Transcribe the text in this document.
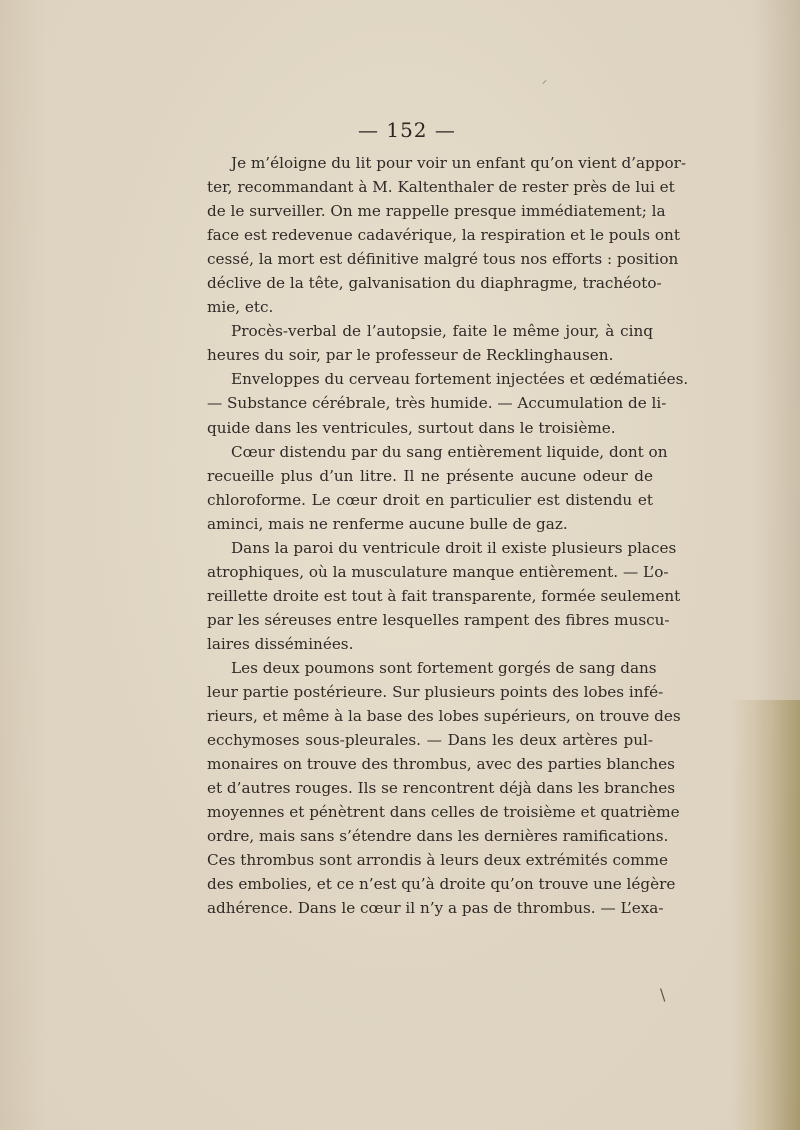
⸝
\
— 152 —
Je m’éloigne du lit pour voir un enfant qu’on vient d’appor-
ter, recommandant à M. Kaltenthaler de rester près de lui et
de le surveiller. On me rappelle presque immédiatement; la
face est redevenue cadavérique, la respiration et le pouls ont
cessé, la mort est définitive malgré tous nos efforts : position
déclive de la tête, galvanisation du diaphragme, trachéoto-
mie, etc.
Procès-verbal de l’autopsie, faite le même jour, à cinq
heures du soir, par le professeur de Recklinghausen.
Enveloppes du cerveau fortement injectées et œdématiées.
— Substance cérébrale, très humide. — Accumulation de li-
quide dans les ventricules, surtout dans le troisième.
Cœur distendu par du sang entièrement liquide, dont on
recueille plus d’un litre. Il ne présente aucune odeur de
chloroforme. Le cœur droit en particulier est distendu et
aminci, mais ne renferme aucune bulle de gaz.
Dans la paroi du ventricule droit il existe plusieurs places
atrophiques, où la musculature manque entièrement. — L’o-
reillette droite est tout à fait transparente, formée seulement
par les séreuses entre lesquelles rampent des fibres muscu-
laires disséminées.
Les deux poumons sont fortement gorgés de sang dans
leur partie postérieure. Sur plusieurs points des lobes infé-
rieurs, et même à la base des lobes supérieurs, on trouve des
ecchymoses sous-pleurales. — Dans les deux artères pul-
monaires on trouve des thrombus, avec des parties blanches
et d’autres rouges. Ils se rencontrent déjà dans les branches
moyennes et pénètrent dans celles de troisième et quatrième
ordre, mais sans s’étendre dans les dernières ramifications.
Ces thrombus sont arrondis à leurs deux extrémités comme
des embolies, et ce n’est qu’à droite qu’on trouve une légère
adhérence. Dans le cœur il n’y a pas de thrombus. — L’exa-
